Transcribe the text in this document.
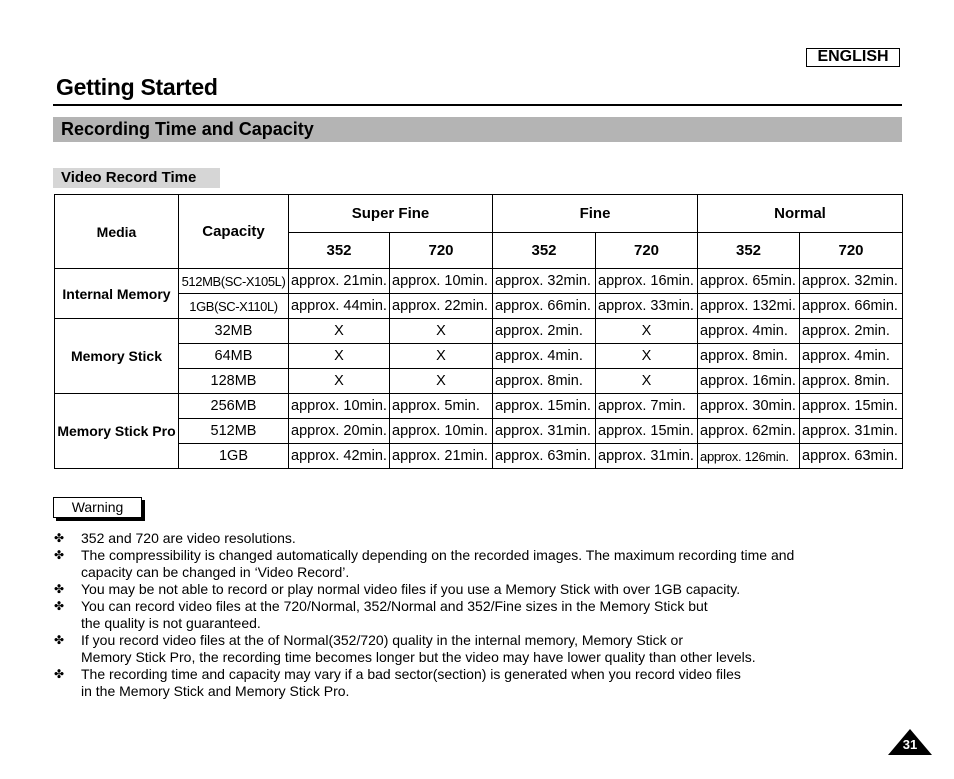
ENGLISH
Getting Started
Recording Time and Capacity
Video Record Time
Media	Capacity	Super Fine		Fine		Normal	
		352	720	352	720	352	720
Internal Memory	512MB(SC-X105L)	approx. 21min.	approx. 10min.	approx. 32min.	approx. 16min.	approx. 65min.	approx. 32min.
	1GB(SC-X110L)	approx. 44min.	approx. 22min.	approx. 66min.	approx. 33min.	approx. 132mi.	approx. 66min.
Memory Stick	32MB	X	X	approx. 2min.	X	approx. 4min.	approx. 2min.
	64MB	X	X	approx. 4min.	X	approx. 8min.	approx. 4min.
	128MB	X	X	approx. 8min.	X	approx. 16min.	approx. 8min.
Memory Stick Pro	256MB	approx. 10min.	approx. 5min.	approx. 15min.	approx. 7min.	approx. 30min.	approx. 15min.
	512MB	approx. 20min.	approx. 10min.	approx. 31min.	approx. 15min.	approx. 62min.	approx. 31min.
	1GB	approx. 42min.	approx. 21min.	approx. 63min.	approx. 31min.	approx. 126min.	approx. 63min.
Warning
✤ 352 and 720 are video resolutions.
✤ The compressibility is changed automatically depending on the recorded images. The maximum recording time and
capacity can be changed in ‘Video Record’.
✤ You may be not able to record or play normal video files if you use a Memory Stick with over 1GB capacity.
✤ You can record video files at the 720/Normal, 352/Normal and 352/Fine sizes in the Memory Stick but
the quality is not guaranteed.
✤ If you record video files at the of Normal(352/720) quality in the internal memory, Memory Stick or
Memory Stick Pro, the recording time becomes longer but the video may have lower quality than other levels.
✤ The recording time and capacity may vary if a bad sector(section) is generated when you record video files
in the Memory Stick and Memory Stick Pro.
31
